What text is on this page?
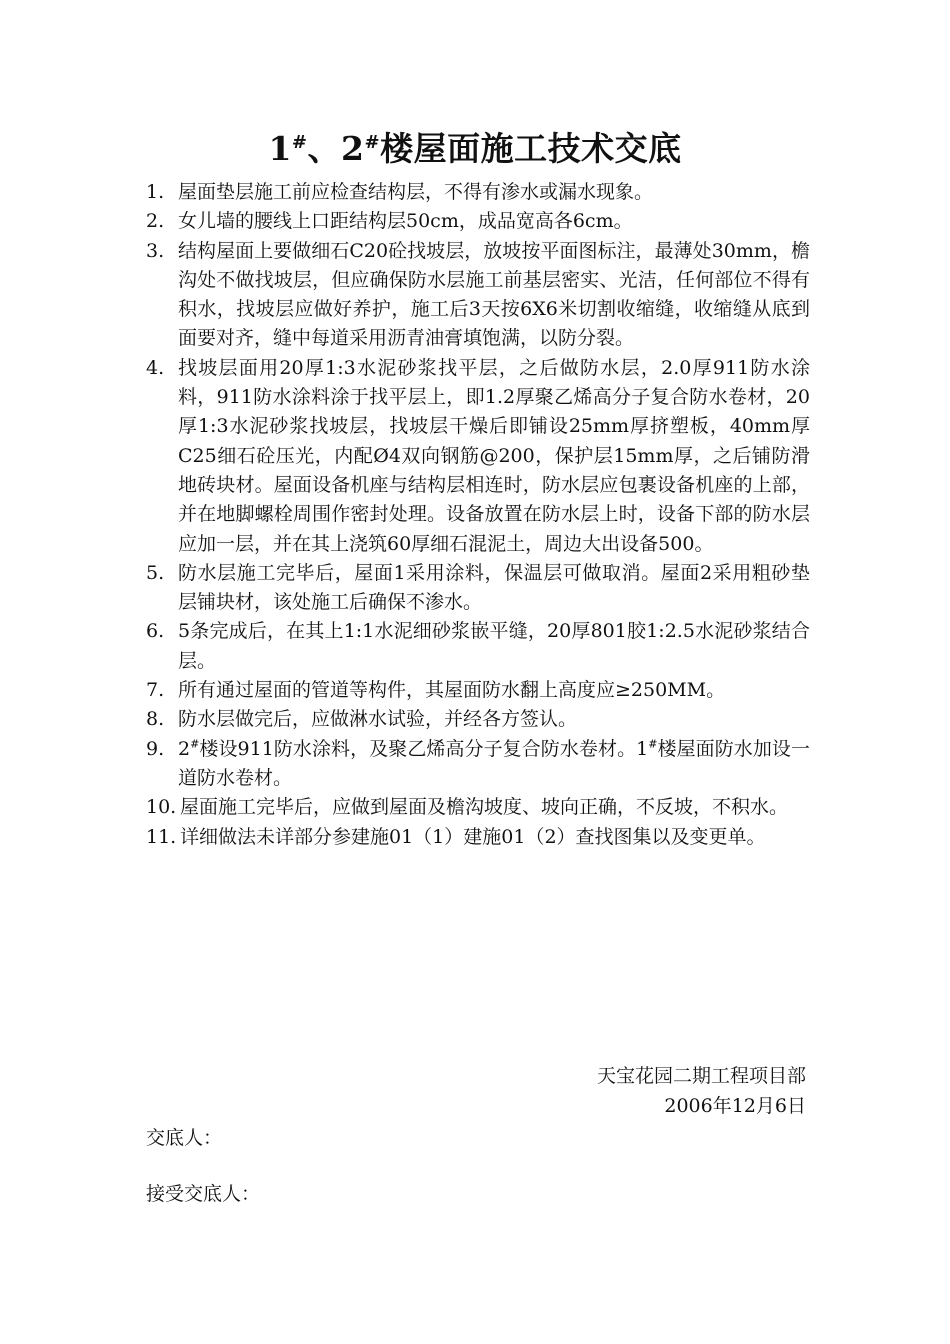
1#、2#楼屋面施工技术交底
1. 屋面垫层施工前应检查结构层，不得有渗水或漏水现象。
2. 女儿墙的腰线上口距结构层50cm，成品宽高各6cm。
3. 结构屋面上要做细石C20砼找坡层，放坡按平面图标注，最薄处30mm，檐沟处不做找坡层，但应确保防水层施工前基层密实、光洁，任何部位不得有积水，找坡层应做好养护，施工后3天按6X6米切割收缩缝，收缩缝从底到面要对齐，缝中每道采用沥青油膏填饱满，以防分裂。
4. 找坡层面用20厚1:3水泥砂浆找平层，之后做防水层，2.0厚911防水涂料，911防水涂料涂于找平层上，即1.2厚聚乙烯高分子复合防水卷材，20厚1:3水泥砂浆找坡层，找坡层干燥后即铺设25mm厚挤塑板，40mm厚C25细石砼压光，内配Ø4双向钢筋@200，保护层15mm厚，之后铺防滑地砖块材。屋面设备机座与结构层相连时，防水层应包裹设备机座的上部，并在地脚螺栓周围作密封处理。设备放置在防水层上时，设备下部的防水层应加一层，并在其上浇筑60厚细石混泥土，周边大出设备500。
5. 防水层施工完毕后，屋面1采用涂料，保温层可做取消。屋面2采用粗砂垫层铺块材，该处施工后确保不渗水。
6. 5条完成后，在其上1:1水泥细砂浆嵌平缝，20厚801胶1:2.5水泥砂浆结合层。
7. 所有通过屋面的管道等构件，其屋面防水翻上高度应≥250MM。
8. 防水层做完后，应做淋水试验，并经各方签认。
9. 2#楼设911防水涂料，及聚乙烯高分子复合防水卷材。1#楼屋面防水加设一道防水卷材。
10. 屋面施工完毕后，应做到屋面及檐沟坡度、坡向正确，不反坡，不积水。
11. 详细做法未详部分参建施01（1）建施01（2）查找图集以及变更单。
天宝花园二期工程项目部
2006年12月6日
交底人：
接受交底人：
